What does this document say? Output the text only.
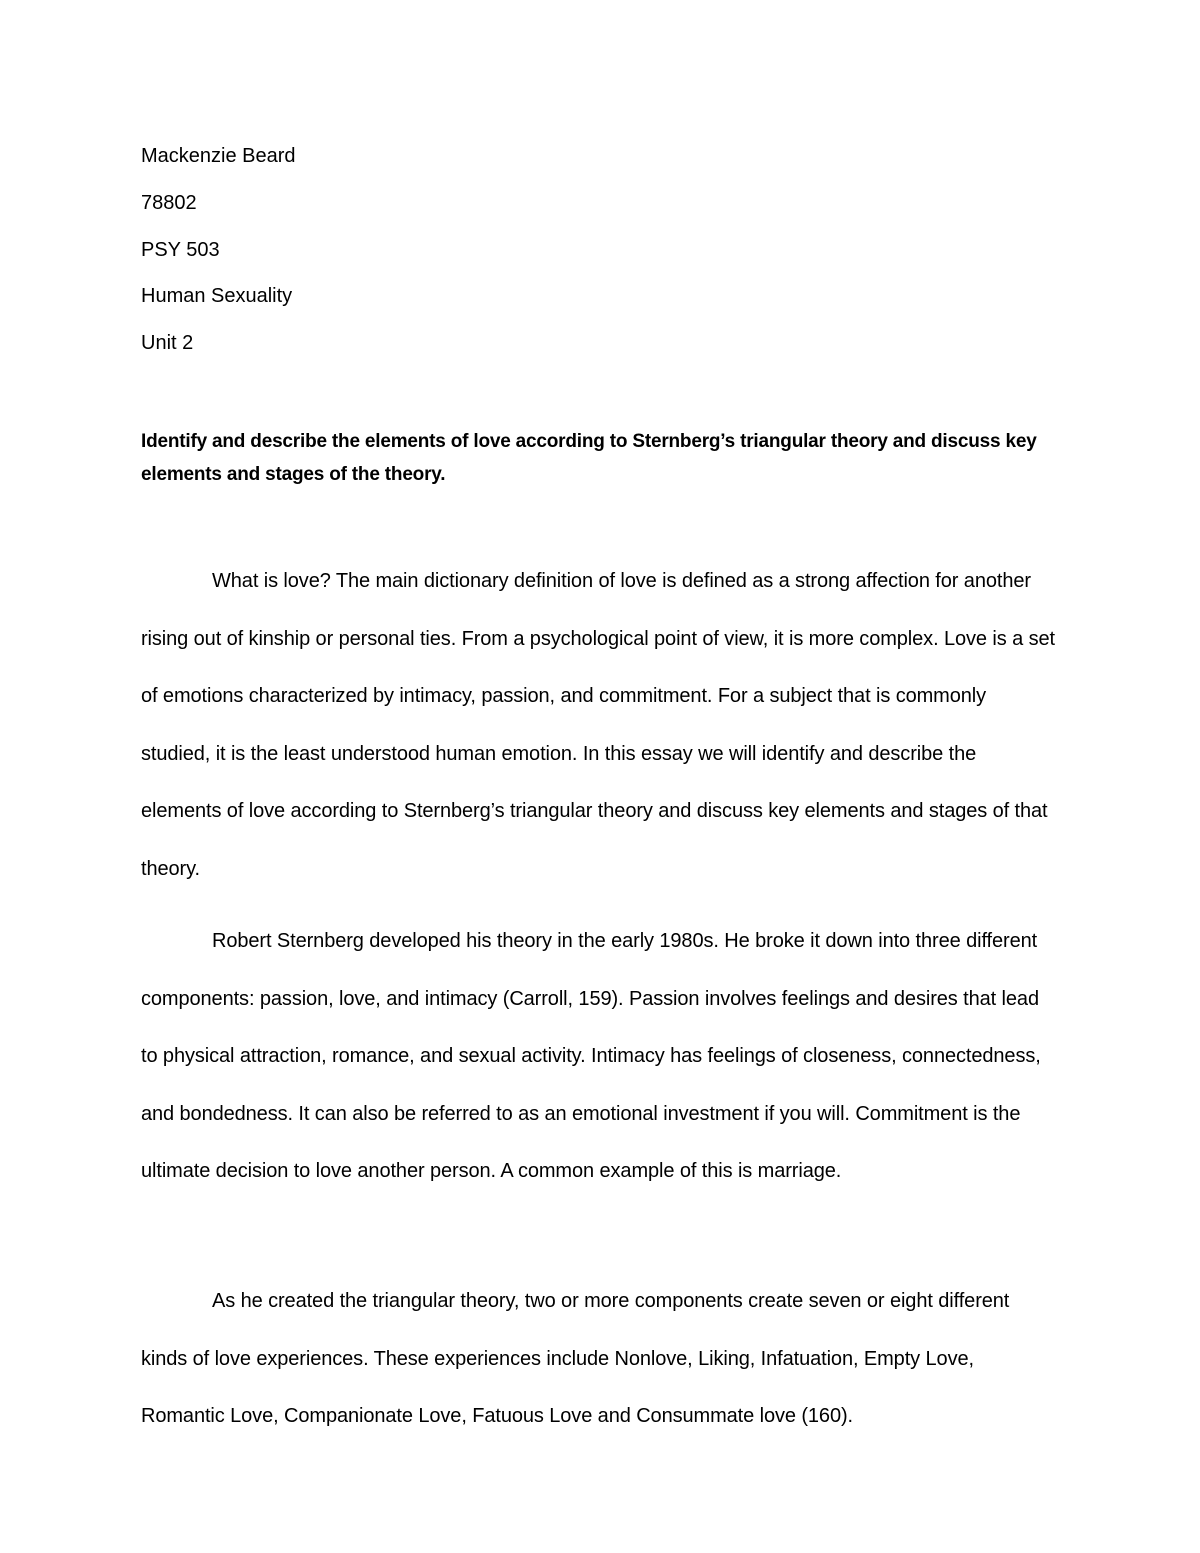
Mackenzie Beard
78802
PSY 503
Human Sexuality
Unit 2
Identify and describe the elements of love according to Sternberg’s triangular theory and discuss key elements and stages of the theory.

What is love? The main dictionary definition of love is defined as a strong affection for another rising out of kinship or personal ties. From a psychological point of view, it is more complex. Love is a set of emotions characterized by intimacy, passion, and commitment. For a subject that is commonly studied, it is the least understood human emotion. In this essay we will identify and describe the elements of love according to Sternberg’s triangular theory and discuss key elements and stages of that theory.

Robert Sternberg developed his theory in the early 1980s. He broke it down into three different components: passion, love, and intimacy (Carroll, 159). Passion involves feelings and desires that lead to physical attraction, romance, and sexual activity. Intimacy has feelings of closeness, connectedness, and bondedness. It can also be referred to as an emotional investment if you will. Commitment is the ultimate decision to love another person. A common example of this is marriage.

As he created the triangular theory, two or more components create seven or eight different kinds of love experiences. These experiences include Nonlove, Liking, Infatuation, Empty Love, Romantic Love, Companionate Love, Fatuous Love and Consummate love (160).
